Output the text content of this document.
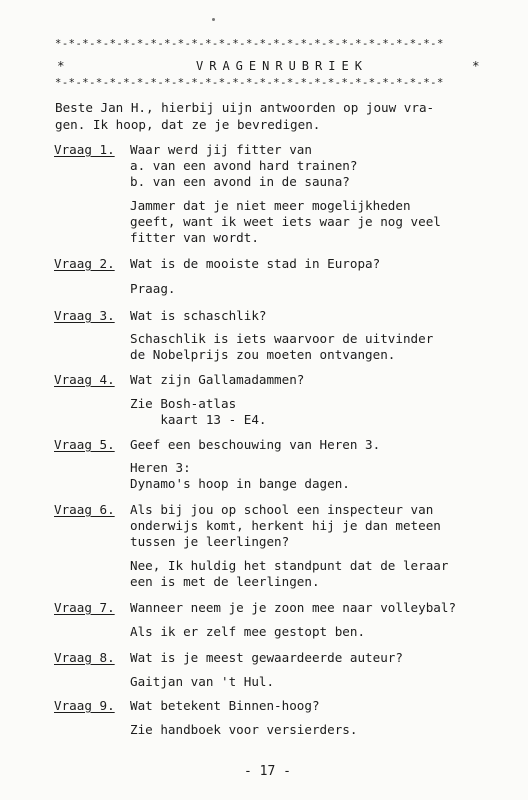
*-*-*-*-*-*-*-*-*-*-*-*-*-*-*-*-*-*-*-*-*-*-*-*-*-*-*-*-*
*	VRAGENRUBRIEK	*
*-*-*-*-*-*-*-*-*-*-*-*-*-*-*-*-*-*-*-*-*-*-*-*-*-*-*-*-*
Beste Jan H., hierbij uijn antwoorden op jouw vra-
gen. Ik hoop, dat ze je bevredigen.
Vraag 1. Waar werd jij fitter van
a. van een avond hard trainen?
b. van een avond in de sauna?
Jammer dat je niet meer mogelijkheden
geeft, want ik weet iets waar je nog veel
fitter van wordt.
Vraag 2. Wat is de mooiste stad in Europa?
Praag.
Vraag 3. Wat is schaschlik?
Schaschlik is iets waarvoor de uitvinder
de Nobelprijs zou moeten ontvangen.
Vraag 4. Wat zijn Gallamadammen?
Zie Bosh-atlas
kaart 13 - E4.
Vraag 5. Geef een beschouwing van Heren 3.
Heren 3:
Dynamo's hoop in bange dagen.
Vraag 6. Als bij jou op school een inspecteur van
onderwijs komt, herkent hij je dan meteen
tussen je leerlingen?
Nee, Ik huldig het standpunt dat de leraar
een is met de leerlingen.
Vraag 7. Wanneer neem je je zoon mee naar volleybal?
Als ik er zelf mee gestopt ben.
Vraag 8. Wat is je meest gewaardeerde auteur?
Gaitjan van 't Hul.
Vraag 9. Wat betekent Binnen-hoog?
Zie handboek voor versierders.
- 17 -
